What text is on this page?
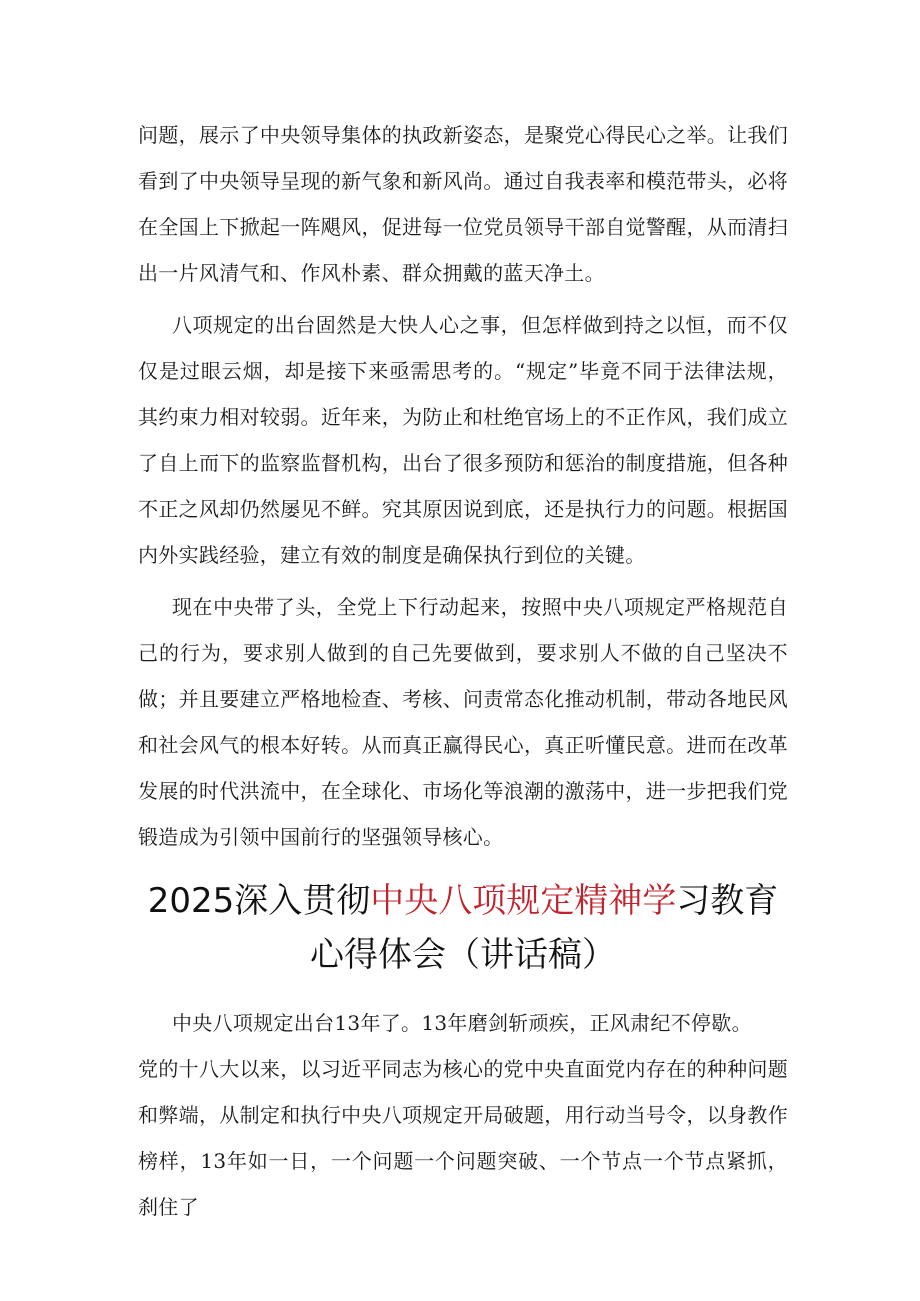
问题，展示了中央领导集体的执政新姿态，是聚党心得民心之举。让我们看到了中央领导呈现的新气象和新风尚。通过自我表率和模范带头，必将在全国上下掀起一阵飓风，促进每一位党员领导干部自觉警醒，从而清扫出一片风清气和、作风朴素、群众拥戴的蓝天净土。

八项规定的出台固然是大快人心之事，但怎样做到持之以恒，而不仅仅是过眼云烟，却是接下来亟需思考的。“规定”毕竟不同于法律法规，其约束力相对较弱。近年来，为防止和杜绝官场上的不正作风，我们成立了自上而下的监察监督机构，出台了很多预防和惩治的制度措施，但各种不正之风却仍然屡见不鲜。究其原因说到底，还是执行力的问题。根据国内外实践经验，建立有效的制度是确保执行到位的关键。

现在中央带了头，全党上下行动起来，按照中央八项规定严格规范自己的行为，要求别人做到的自己先要做到，要求别人不做的自己坚决不做；并且要建立严格地检查、考核、问责常态化推动机制，带动各地民风和社会风气的根本好转。从而真正赢得民心，真正听懂民意。进而在改革发展的时代洪流中，在全球化、市场化等浪潮的激荡中，进一步把我们党锻造成为引领中国前行的坚强领导核心。

2025深入贯彻中央八项规定精神学习教育
心得体会（讲话稿）

中央八项规定出台13年了。13年磨剑斩顽疾，正风肃纪不停歇。

党的十八大以来，以习近平同志为核心的党中央直面党内存在的种种问题和弊端，从制定和执行中央八项规定开局破题，用行动当号令，以身教作榜样，13年如一日，一个问题一个问题突破、一个节点一个节点紧抓，刹住了
